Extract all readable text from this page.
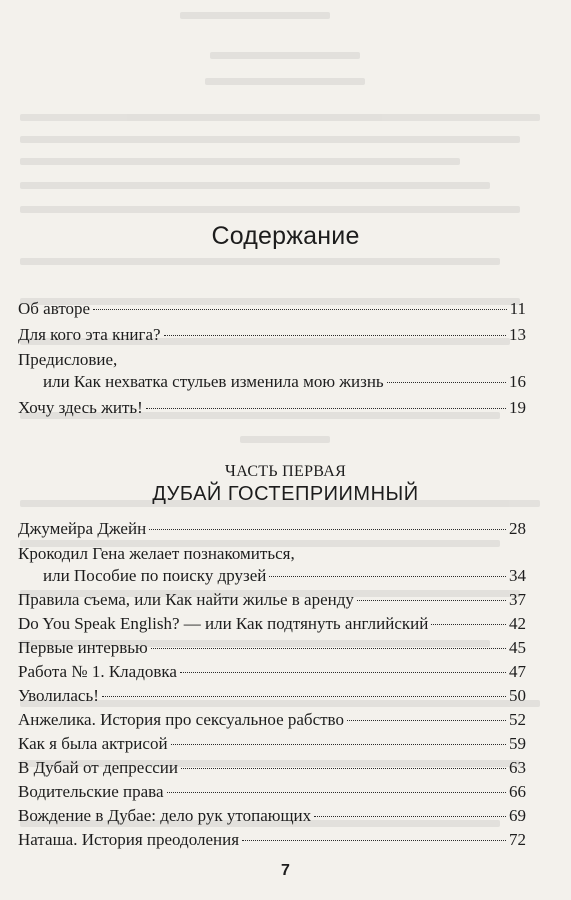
Содержание
Об авторе	11
Для кого эта книга?	13
Предисловие,
или Как нехватка стульев изменила мою жизнь	16
Хочу здесь жить!	19
ЧАСТЬ ПЕРВАЯ
ДУБАЙ ГОСТЕПРИИМНЫЙ
Джумейра Джейн	28
Крокодил Гена желает познакомиться,
или Пособие по поиску друзей	34
Правила съема, или Как найти жилье в аренду	37
Do You Speak English? — или Как подтянуть английский	42
Первые интервью	45
Работа № 1. Кладовка	47
Уволилась!	50
Анжелика. История про сексуальное рабство	52
Как я была актрисой	59
В Дубай от депрессии	63
Водительские права	66
Вождение в Дубае: дело рук утопающих	69
Наташа. История преодоления	72
7
